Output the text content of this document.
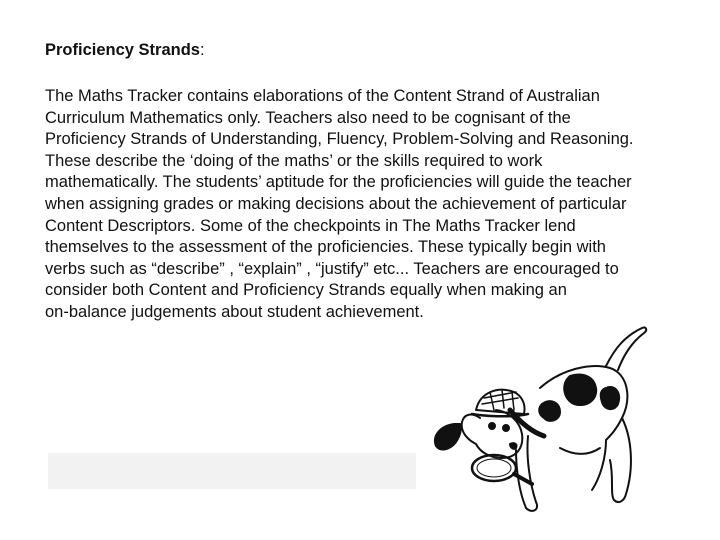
Proficiency Strands:
The Maths Tracker contains elaborations of the Content Strand of Australian
Curriculum Mathematics only. Teachers also need to be cognisant of the
Proficiency Strands of Understanding, Fluency, Problem-Solving and Reasoning.
These describe the ‘doing of the maths’ or the skills required to work
mathematically. The students’ aptitude for the proficiencies will guide the teacher
when assigning grades or making decisions about the achievement of particular
Content Descriptors. Some of the checkpoints in The Maths Tracker lend
themselves to the assessment of the proficiencies. These typically begin with
verbs such as “describe” , “explain” , “justify” etc... Teachers are encouraged to
consider both Content and Proficiency Strands equally when making an
on-balance judgements about student achievement.
